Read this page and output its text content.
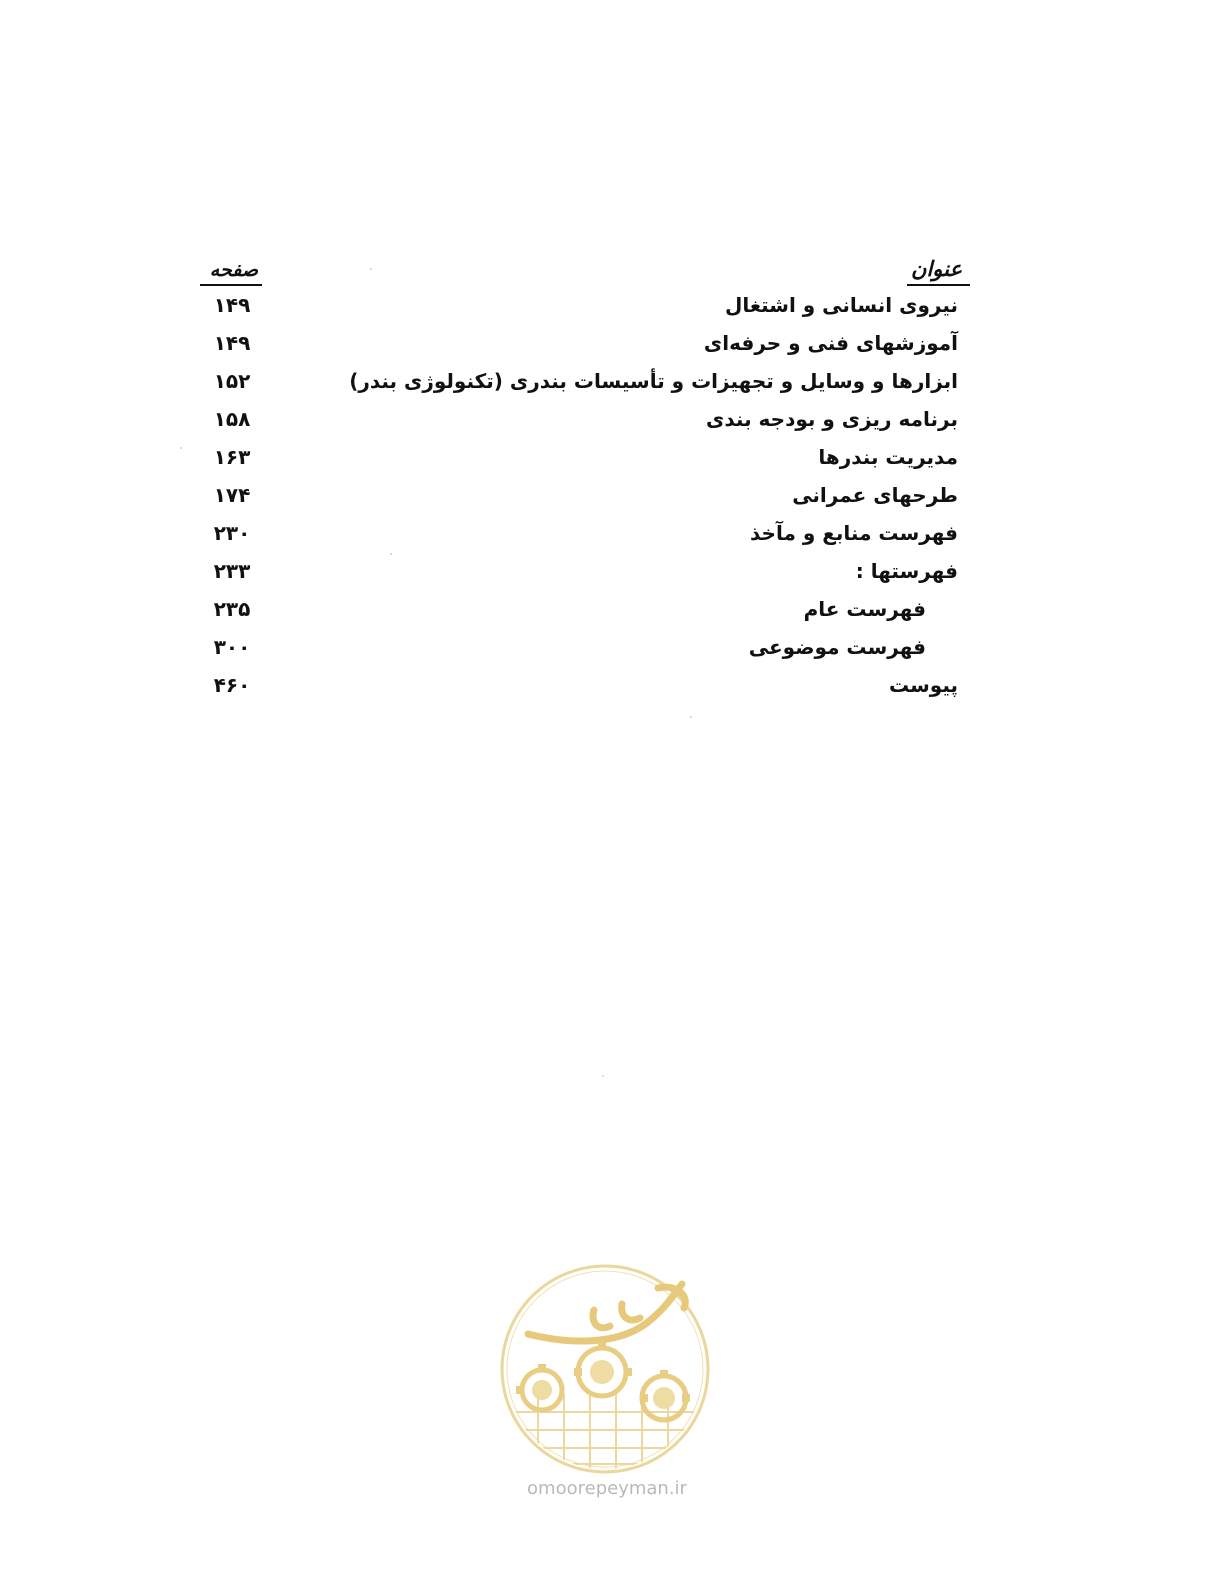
عنوان
صفحه
نیروی انسانی و اشتغال
۱۴۹
آموزشهای فنی و حرفه‌ای
۱۴۹
ابزارها و وسایل و تجهیزات و تأسیسات بندری (تکنولوژی بندر)
۱۵۲
برنامه ریزی و بودجه بندی
۱۵۸
مدیریت بندرها
۱۶۳
طرحهای عمرانی
۱۷۴
فهرست منابع و مآخذ
۲۳۰
فهرستها :
۲۳۳
فهرست عام
۲۳۵
فهرست موضوعی
۳۰۰
پیوست
۴۶۰
omoorepeyman.ir
